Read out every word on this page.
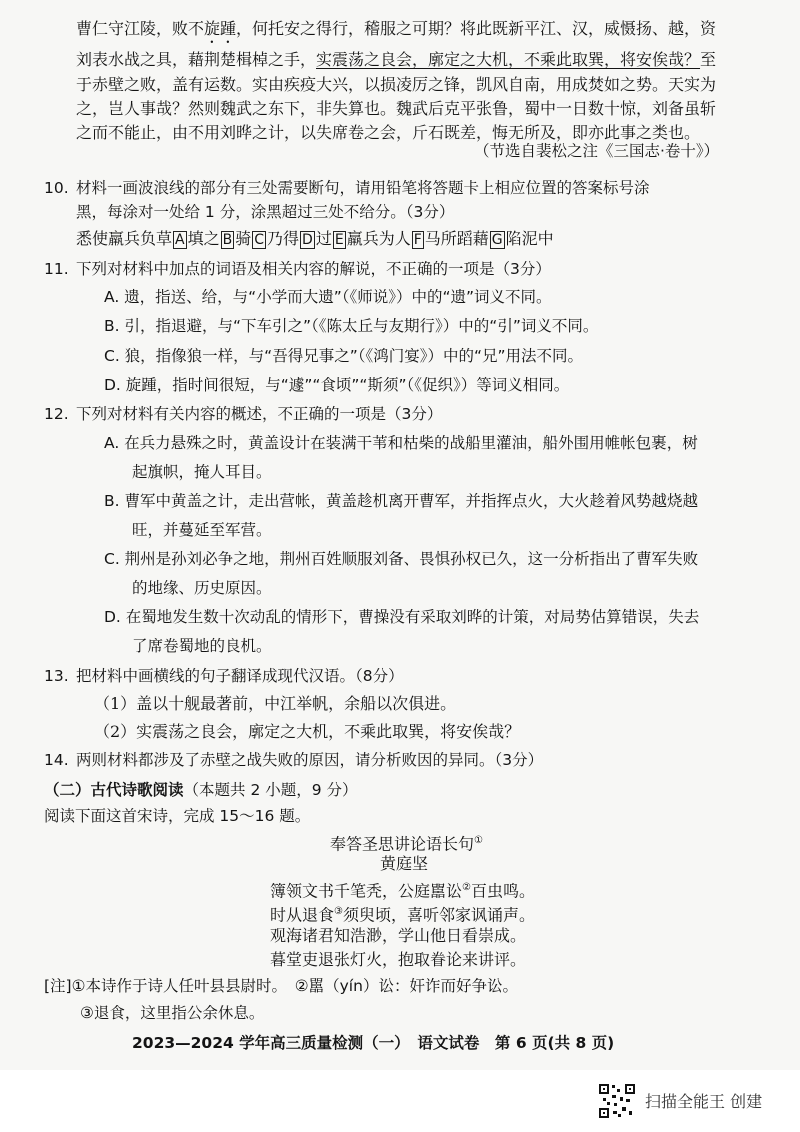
曹仁守江陵，败不旋踵，何托安之得行，稽服之可期？将此既新平江、汉，威慑扬、越，资
刘表水战之具，藉荆楚楫棹之手，实震荡之良会，廓定之大机，不乘此取巽，将安俟哉？至
于赤壁之败，盖有运数。实由疾疫大兴，以损凌厉之锋，凯风自南，用成焚如之势。天实为
之，岂人事哉？然则魏武之东下，非失算也。魏武后克平张鲁，蜀中一日数十惊，刘备虽斩
之而不能止，由不用刘晔之计，以失席卷之会，斤石既差，悔无所及，即亦此事之类也。
（节选自裴松之注《三国志·卷十》）
10. 材料一画波浪线的部分有三处需要断句，请用铅笔将答题卡上相应位置的答案标号涂
黑，每涂对一处给 1 分，涂黑超过三处不给分。（3分）
悉使羸兵负草 A 填之 B 骑 C 乃得 D 过 E 羸兵为人 F 马所蹈藉 G 陷泥中
11. 下列对材料中加点的词语及相关内容的解说，不正确的一项是（3分）
A. 遗，指送、给，与“小学而大遗”（《师说》）中的“遗”词义不同。
B. 引，指退避，与“下车引之”（《陈太丘与友期行》）中的“引”词义不同。
C. 狼，指像狼一样，与“吾得兄事之”（《鸿门宴》）中的“兄”用法不同。
D. 旋踵，指时间很短，与“遽”“食顷”“斯须”（《促织》）等词义相同。
12. 下列对材料有关内容的概述，不正确的一项是（3分）
A. 在兵力悬殊之时，黄盖设计在装满干苇和枯柴的战船里灌油，船外围用帷帐包裹，树
起旗帜，掩人耳目。
B. 曹军中黄盖之计，走出营帐，黄盖趁机离开曹军，并指挥点火，大火趁着风势越烧越
旺，并蔓延至军营。
C. 荆州是孙刘必争之地，荆州百姓顺服刘备、畏惧孙权已久，这一分析指出了曹军失败
的地缘、历史原因。
D. 在蜀地发生数十次动乱的情形下，曹操没有采取刘晔的计策，对局势估算错误，失去
了席卷蜀地的良机。
13. 把材料中画横线的句子翻译成现代汉语。（8分）
（1）盖以十舰最著前，中江举帆，余船以次俱进。
（2）实震荡之良会，廓定之大机，不乘此取巽，将安俟哉？
14. 两则材料都涉及了赤壁之战失败的原因，请分析败因的异同。（3分）
（二）古代诗歌阅读（本题共 2 小题，9 分）
阅读下面这首宋诗，完成 15～16 题。
奉答圣思讲论语长句①
黄庭坚
簿领文书千笔秃，公庭嚚讼②百虫鸣。
时从退食③须臾顷，喜听邻家讽诵声。
观海诸君知浩渺，学山他日看崇成。
暮堂吏退张灯火，抱取眷论来讲评。
[注]①本诗作于诗人任叶县县尉时。　②嚚（yín）讼：奸诈而好争讼。
③退食，这里指公余休息。
2023—2024 学年高三质量检测（一）　语文试卷　第 6 页(共 8 页)
扫描全能王 创建
